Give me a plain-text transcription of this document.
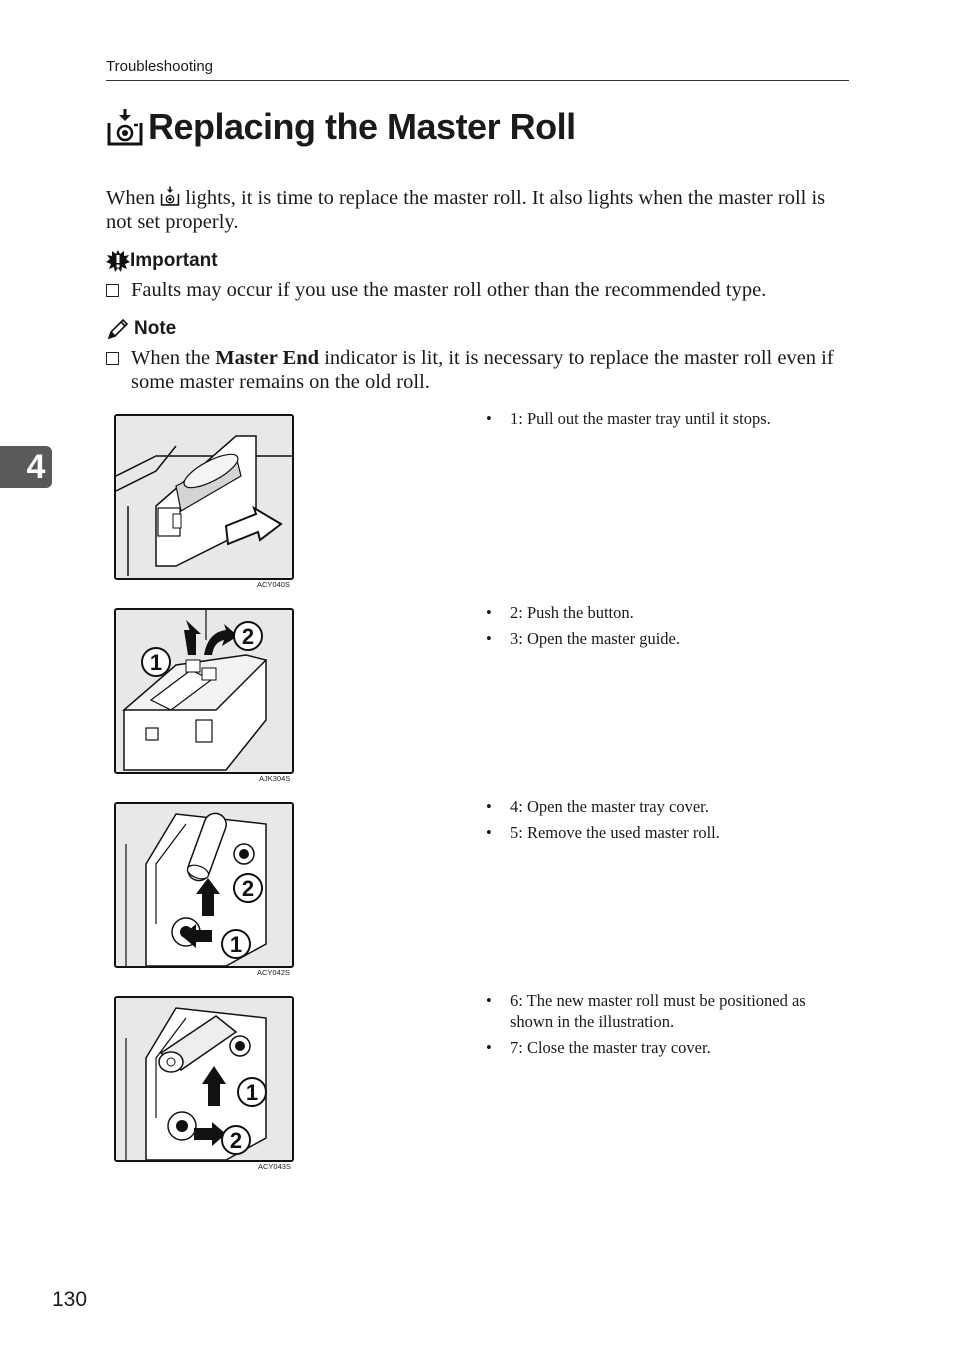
Troubleshooting
Replacing the Master Roll
When  lights, it is time to replace the master roll. It also lights when the master roll is not set properly.
Important
Faults may occur if you use the master roll other than the recommended type.
Note
When the Master End indicator is lit, it is necessary to replace the master roll even if some master remains on the old roll.
ACY040S
• 1: Pull out the master tray until it stops.
1
2
AJK304S
• 2: Push the button.
• 3: Open the master guide.
2
1
ACY042S
• 4: Open the master tray cover.
• 5: Remove the used master roll.
1
2
ACY043S
• 6: The new master roll must be positioned as shown in the illustration.
• 7: Close the master tray cover.
4
130
